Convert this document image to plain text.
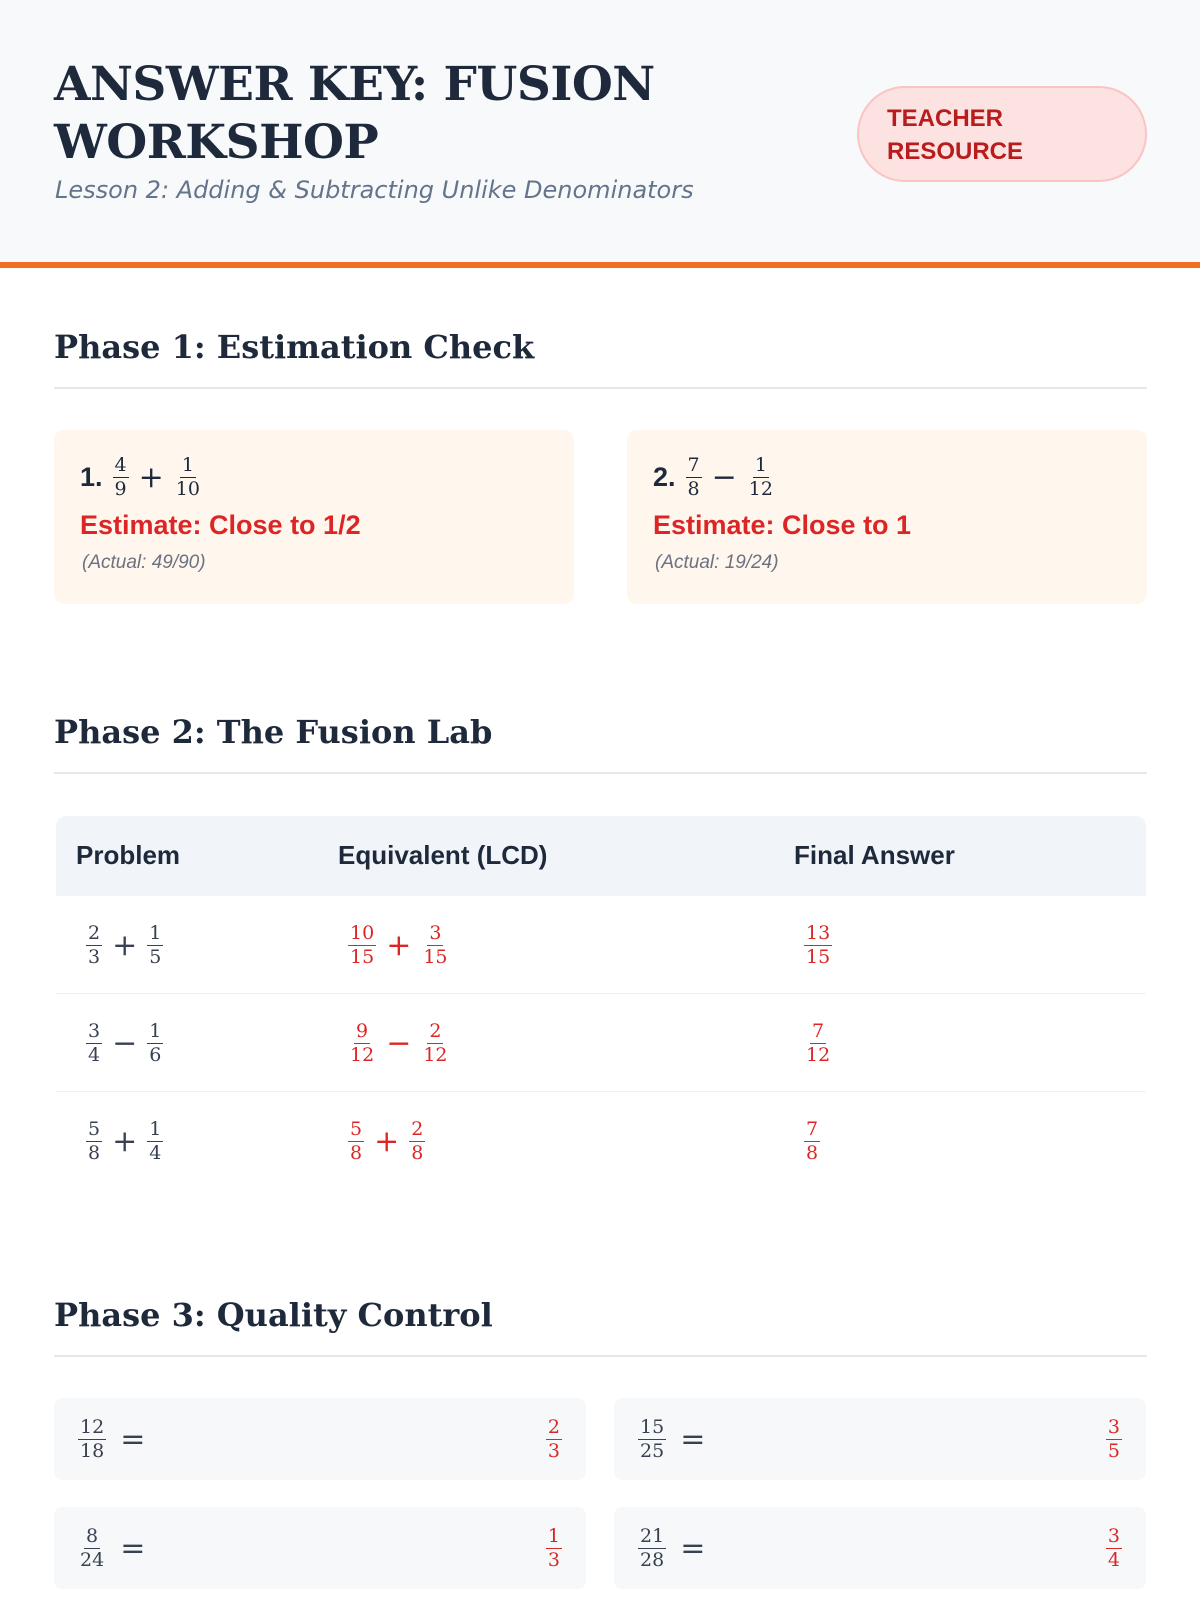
ANSWER KEY: FUSION WORKSHOP
Lesson 2: Adding & Subtracting Unlike Denominators
TEACHER RESOURCE
Phase 1: Estimation Check
1. $\frac{4}{9} + \frac{1}{10}$
Estimate: Close to 1/2
(Actual: 49/90)
2. $\frac{7}{8} - \frac{1}{12}$
Estimate: Close to 1
(Actual: 19/24)
Phase 2: The Fusion Lab
Problem	Equivalent (LCD)	Final Answer
$\frac{2}{3} + \frac{1}{5}$	$\frac{10}{15} + \frac{3}{15}$	$\frac{13}{15}$
$\frac{3}{4} - \frac{1}{6}$	$\frac{9}{12} - \frac{2}{12}$	$\frac{7}{12}$
$\frac{5}{8} + \frac{1}{4}$	$\frac{5}{8} + \frac{2}{8}$	$\frac{7}{8}$
Phase 3: Quality Control
$\frac{12}{18}$ =	$\frac{2}{3}$	$\frac{15}{25}$ =	$\frac{3}{5}$
$\frac{8}{24}$ =	$\frac{1}{3}$	$\frac{21}{28}$ =	$\frac{3}{4}$
